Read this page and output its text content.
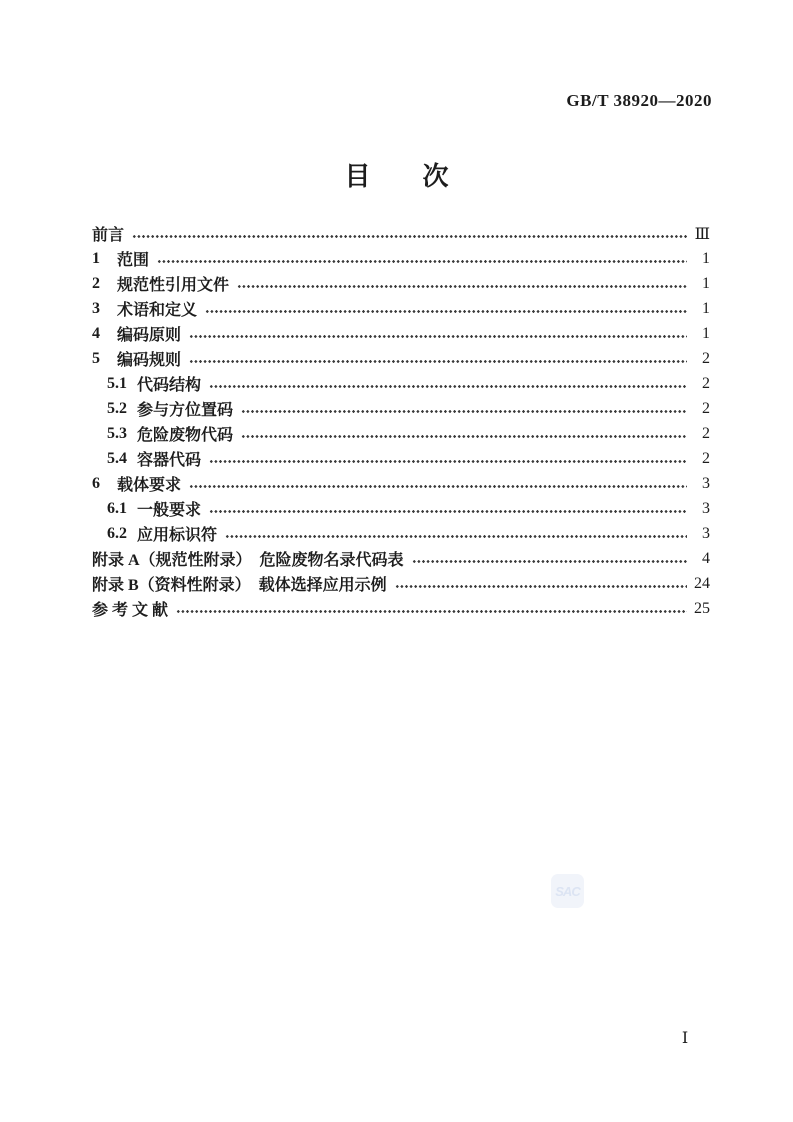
GB/T 38920—2020
目　　次
前言	Ⅲ
1	范围	1
2	规范性引用文件	1
3	术语和定义	1
4	编码原则	1
5	编码规则	2
5.1 代码结构	2
5.2 参与方位置码	2
5.3 危险废物代码	2
5.4 容器代码	2
6	载体要求	3
6.1 一般要求	3
6.2 应用标识符	3
附录 A（规范性附录）　危险废物名录代码表	4
附录 B（资料性附录）　载体选择应用示例	24
参 考 文 献	25
SAC
Ⅰ
